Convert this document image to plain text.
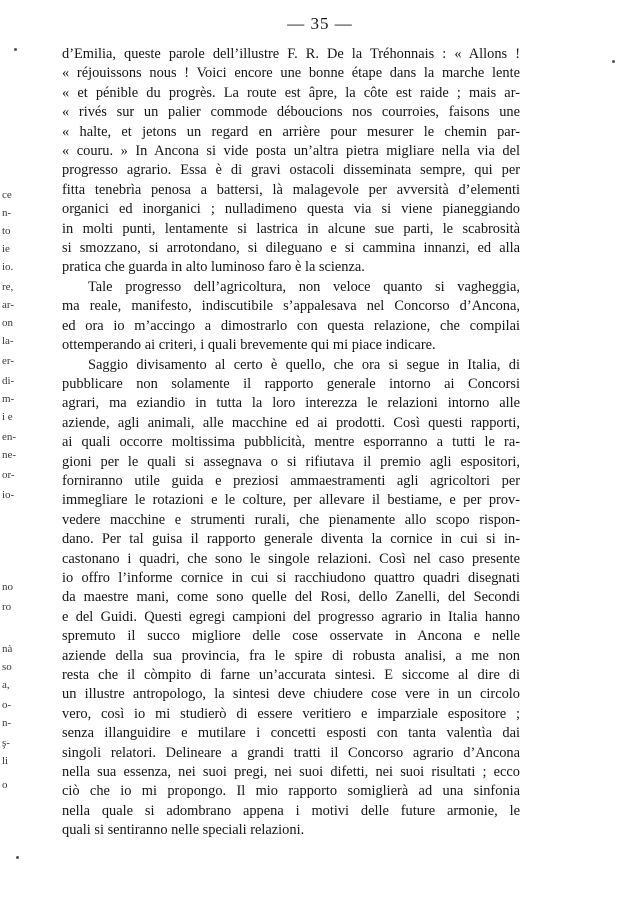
— 35 —
ce
n-
to
ie
io.
re,
ar-
on
la-
er-
di-
m-
i e
en-
ne-
or-
io-
no
ro
nà
so
a,
o-
n-
ş-
li
o
d’Emilia, queste parole dell’illustre F. R. De la Tréhonnais : « Allons !
« réjouissons nous ! Voici encore une bonne étape dans la marche lente
« et pénible du progrès. La route est âpre, la côte est raide ; mais ar-
« rivés sur un palier commode déboucions nos courroies, faisons une
« halte, et jetons un regard en arrière pour mesurer le chemin par-
« couru. » In Ancona si vide posta un’altra pietra migliare nella via del
progresso agrario. Essa è di gravi ostacoli disseminata sempre, qui per
fitta tenebrìa penosa a battersi, là malagevole per avversità d’elementi
organici ed inorganici ; nulladimeno questa via si viene pianeggiando
in molti punti, lentamente si lastrica in alcune sue parti, le scabrosità
si smozzano, si arrotondano, si dileguano e si cammina innanzi, ed alla
pratica che guarda in alto luminoso faro è la scienza.
Tale progresso dell’agricoltura, non veloce quanto si vagheggia,
ma reale, manifesto, indiscutibile s’appalesava nel Concorso d’Ancona,
ed ora io m’accingo a dimostrarlo con questa relazione, che compilai
ottemperando ai criteri, i quali brevemente qui mi piace indicare.
Saggio divisamento al certo è quello, che ora si segue in Italia, di
pubblicare non solamente il rapporto generale intorno ai Concorsi
agrari, ma eziandio in tutta la loro interezza le relazioni intorno alle
aziende, agli animali, alle macchine ed ai prodotti. Così questi rapporti,
ai quali occorre moltissima pubblicità, mentre esporranno a tutti le ra-
gioni per le quali si assegnava o si rifiutava il premio agli espositori,
forniranno utile guida e preziosi ammaestramenti agli agricoltori per
immegliare le rotazioni e le colture, per allevare il bestiame, e per prov-
vedere macchine e strumenti rurali, che pienamente allo scopo rispon-
dano. Per tal guisa il rapporto generale diventa la cornice in cui si in-
castonano i quadri, che sono le singole relazioni. Così nel caso presente
io offro l’informe cornice in cui si racchiudono quattro quadri disegnati
da maestre mani, come sono quelle del Rosi, dello Zanelli, del Secondi
e del Guidi. Questi egregi campioni del progresso agrario in Italia hanno
spremuto il succo migliore delle cose osservate in Ancona e nelle
aziende della sua provincia, fra le spire di robusta analisi, a me non
resta che il còmpito di farne un’accurata sintesi. E siccome al dire di
un illustre antropologo, la sintesi deve chiudere cose vere in un circolo
vero, così io mi studierò di essere veritiero e imparziale espositore ;
senza illanguidire e mutilare i concetti esposti con tanta valentìa dai
singoli relatori. Delineare a grandi tratti il Concorso agrario d’Ancona
nella sua essenza, nei suoi pregi, nei suoi difetti, nei suoi risultati ; ecco
ciò che io mi propongo. Il mio rapporto somiglierà ad una sinfonia
nella quale si adombrano appena i motivi delle future armonie, le
quali si sentiranno nelle speciali relazioni.
